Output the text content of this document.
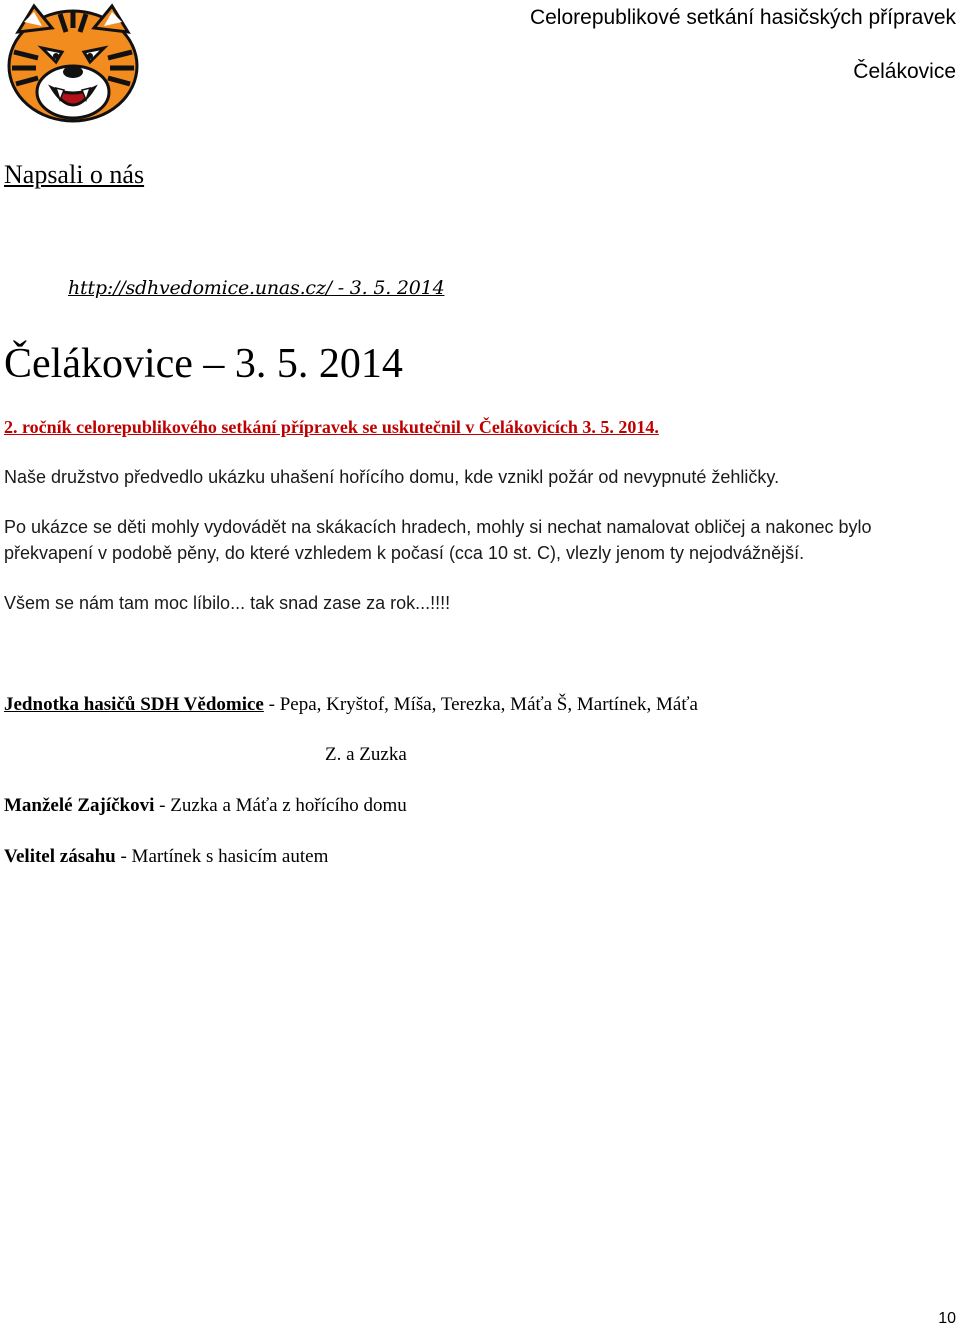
Celorepublikové setkání hasičských přípravek
Čelákovice
Napsali o nás
http://sdhvedomice.unas.cz/ - 3. 5. 2014
Čelákovice – 3. 5. 2014
2. ročník celorepublikového setkání přípravek se uskutečnil v Čelákovicích 3. 5. 2014.

Naše družstvo předvedlo ukázku uhašení hořícího domu, kde vznikl požár od nevypnuté žehličky.

Po ukázce se děti mohly vydovádět na skákacích hradech, mohly si nechat namalovat obličej a nakonec bylo překvapení v podobě pěny, do které vzhledem k počasí (cca 10 st. C), vlezly jenom ty nejodvážnější.

Všem se nám tam moc líbilo... tak snad zase za rok...!!!!

Jednotka hasičů SDH Vědomice - Pepa, Kryštof, Míša, Terezka, Máťa Š, Martínek, Máťa

Z. a Zuzka

Manželé Zajíčkovi - Zuzka a Máťa z hořícího domu

Velitel zásahu - Martínek s hasicím autem

10
